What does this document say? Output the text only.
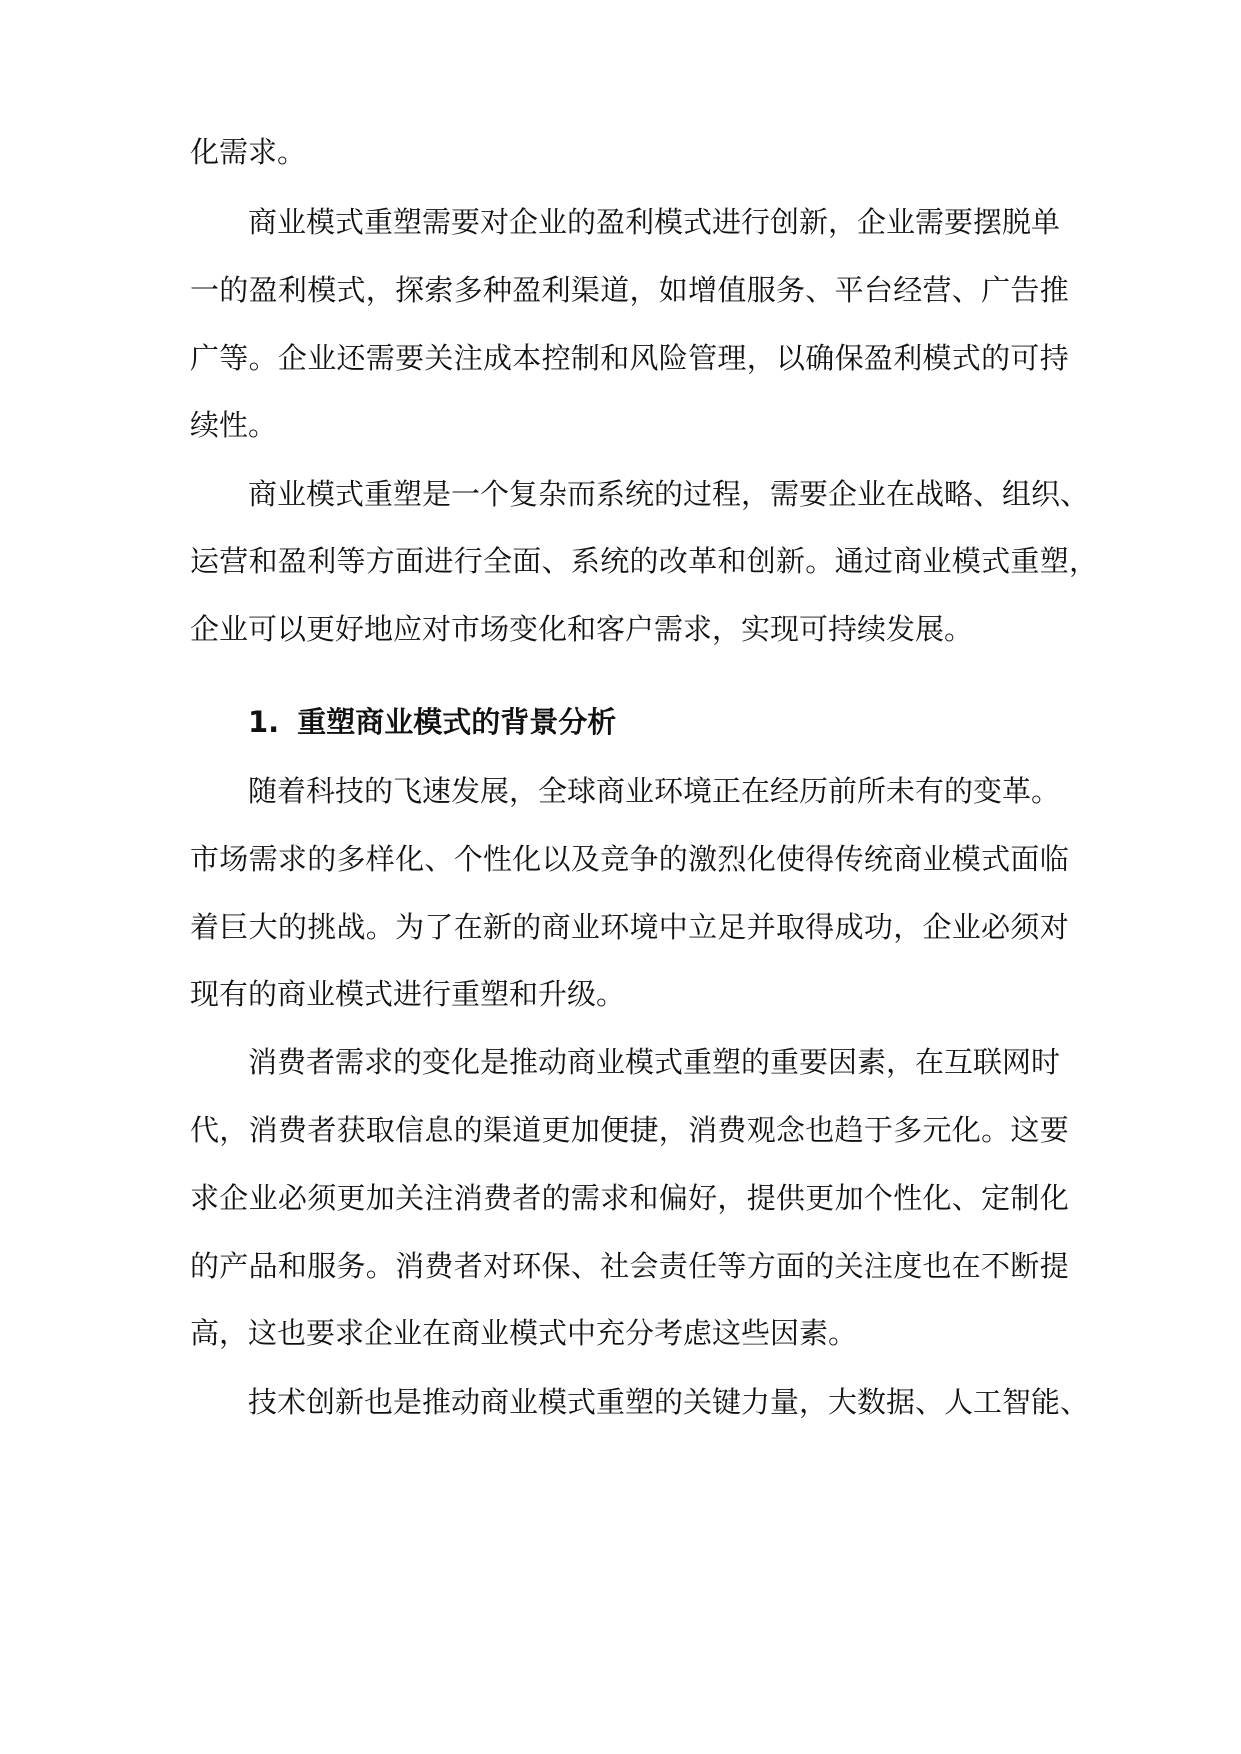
化需求。

商业模式重塑需要对企业的盈利模式进行创新，企业需要摆脱单

一的盈利模式，探索多种盈利渠道，如增值服务、平台经营、广告推

广等。企业还需要关注成本控制和风险管理，以确保盈利模式的可持

续性。

商业模式重塑是一个复杂而系统的过程，需要企业在战略、组织、

运营和盈利等方面进行全面、系统的改革和创新。通过商业模式重塑，

企业可以更好地应对市场变化和客户需求，实现可持续发展。

1. 重塑商业模式的背景分析

随着科技的飞速发展，全球商业环境正在经历前所未有的变革。

市场需求的多样化、个性化以及竞争的激烈化使得传统商业模式面临

着巨大的挑战。为了在新的商业环境中立足并取得成功，企业必须对

现有的商业模式进行重塑和升级。

消费者需求的变化是推动商业模式重塑的重要因素，在互联网时

代，消费者获取信息的渠道更加便捷，消费观念也趋于多元化。这要

求企业必须更加关注消费者的需求和偏好，提供更加个性化、定制化

的产品和服务。消费者对环保、社会责任等方面的关注度也在不断提

高，这也要求企业在商业模式中充分考虑这些因素。

技术创新也是推动商业模式重塑的关键力量，大数据、人工智能、
